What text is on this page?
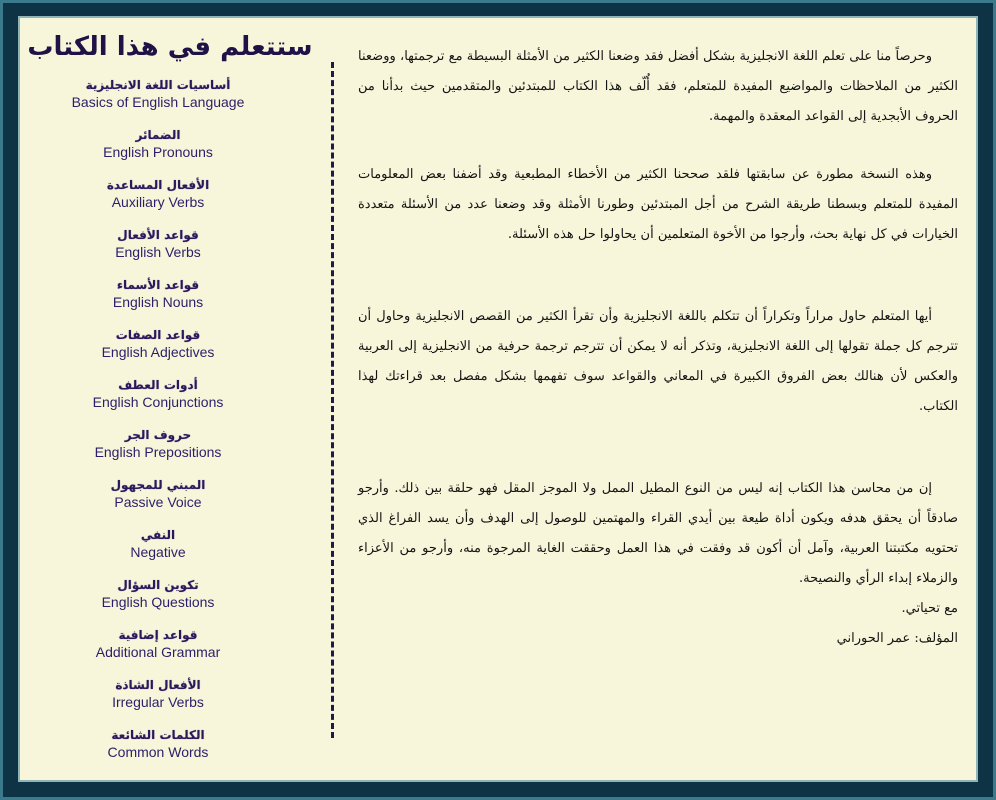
ستتعلم في هذا الكتاب
أساسيات اللغة الانجليزية
Basics of English Language
الضمائر
English Pronouns
الأفعال المساعدة
Auxiliary Verbs
قواعد الأفعال
English Verbs
قواعد الأسماء
English Nouns
قواعد الصفات
English Adjectives
أدوات العطف
English Conjunctions
حروف الجر
English Prepositions
المبني للمجهول
Passive Voice
النفي
Negative
تكوين السؤال
English Questions
قواعد إضافية
Additional Grammar
الأفعال الشاذة
Irregular Verbs
الكلمات الشائعة
Common Words

وحرصاً منا على تعلم اللغة الانجليزية بشكل أفضل فقد وضعنا الكثير من الأمثلة البسيطة مع ترجمتها، ووضعنا الكثير من الملاحظات والمواضيع المفيدة للمتعلم، فقد أُلّف هذا الكتاب للمبتدئين والمتقدمين حيث بدأنا من الحروف الأبجدية إلى القواعد المعقدة والمهمة.

وهذه النسخة مطورة عن سابقتها فلقد صححنا الكثير من الأخطاء المطبعية وقد أضفنا بعض المعلومات المفيدة للمتعلم وبسطنا طريقة الشرح من أجل المبتدئين وطورنا الأمثلة وقد وضعنا عدد من الأسئلة متعددة الخيارات في كل نهاية بحث، وأرجوا من الأخوة المتعلمين أن يحاولوا حل هذه الأسئلة.

أيها المتعلم حاول مراراً وتكراراً أن تتكلم باللغة الانجليزية وأن تقرأ الكثير من القصص الانجليزية وحاول أن تترجم كل جملة تقولها إلى اللغة الانجليزية، وتذكر أنه لا يمكن أن تترجم ترجمة حرفية من الانجليزية إلى العربية والعكس لأن هنالك بعض الفروق الكبيرة في المعاني والقواعد سوف تفهمها بشكل مفصل بعد قراءتك لهذا الكتاب.

إن من محاسن هذا الكتاب إنه ليس من النوع المطيل الممل ولا الموجز المقل فهو حلقة بين ذلك. وأرجو صادقاً أن يحقق هدفه ويكون أداة طيعة بين أيدي القراء والمهتمين للوصول إلى الهدف وأن يسد الفراغ الذي تحتويه مكتبتنا العربية، وآمل أن أكون قد وفقت في هذا العمل وحققت الغاية المرجوة منه، وأرجو من الأعزاء والزملاء إبداء الرأي والنصيحة.

مع تحياتي.

المؤلف: عمر الحوراني
